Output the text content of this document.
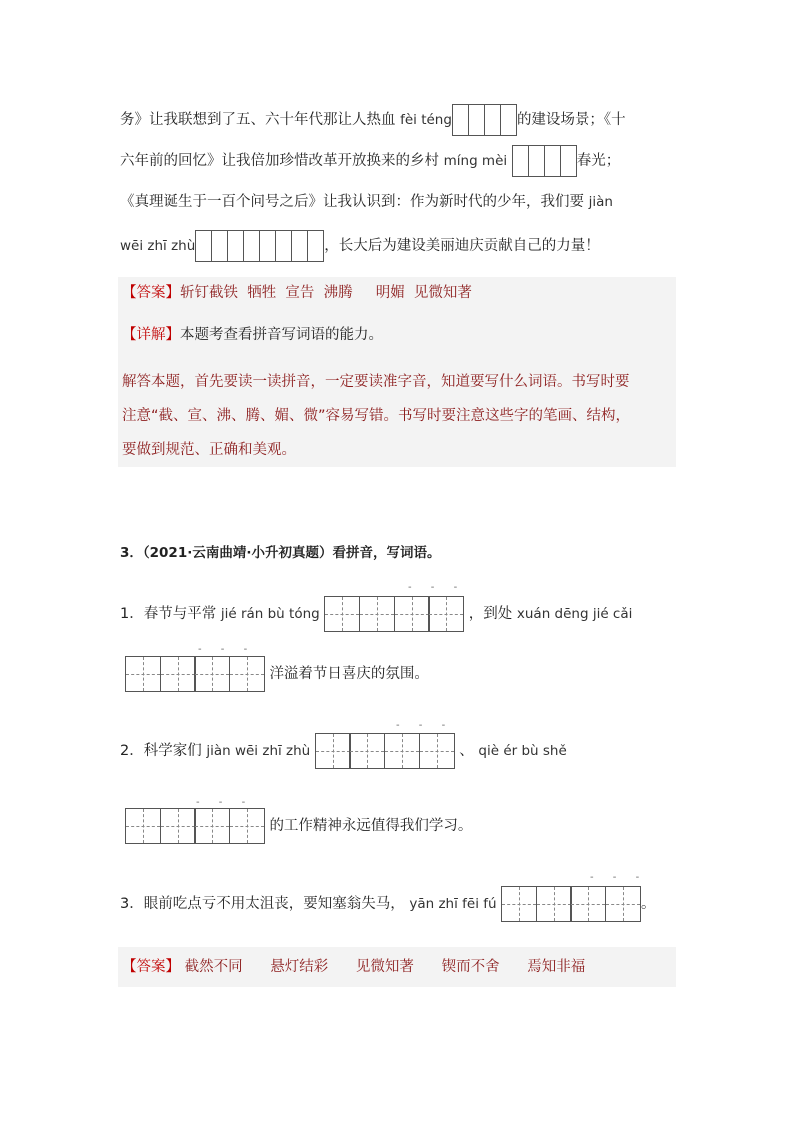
务》让我联想到了五、六十年代那让人热血 fèi téng	的建设场景；《十
六年前的回忆》让我倍加珍惜改革开放换来的乡村 míng mèi	春光；
《真理诞生于一百个问号之后》让我认识到：作为新时代的少年，我们要 jiàn
wēi zhī zhù	，长大后为建设美丽迪庆贡献自己的力量！
【答案】斩钉截铁  牺牲  宣告  沸腾     明媚  见微知著
【详解】本题考查看拼音写词语的能力。
解答本题，首先要读一读拼音，一定要读准字音，知道要写什么词语。书写时要
注意“截、宣、沸、腾、媚、微”容易写错。书写时要注意这些字的笔画、结构，
要做到规范、正确和美观。
3．（2021·云南曲靖·小升初真题）看拼音，写词语。
- - -
1．春节与平常 jié rán bù tóng	，到处 xuán dēng jié cǎi
- - -
洋溢着节日喜庆的氛围。
- - -
2．科学家们 jiàn wēi zhī zhù	、 qiè ér bù shě
- - -
的工作精神永远值得我们学习。
- - -
3．眼前吃点亏不用太沮丧，要知塞翁失马， yān zhī fēi fú	。
【答案】 截然不同      悬灯结彩      见微知著      锲而不舍      焉知非福
